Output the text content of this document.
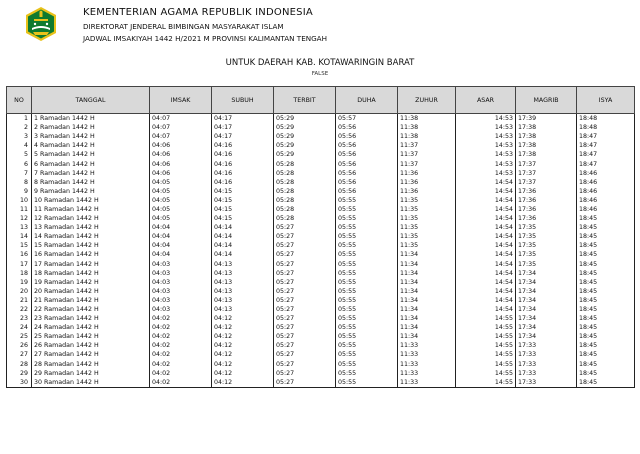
KEMENTERIAN AGAMA REPUBLIK INDONESIA
DIREKTORAT JENDERAL BIMBINGAN MASYARAKAT ISLAM
JADWAL IMSAKIYAH 1442 H/2021 M PROVINSI KALIMANTAN TENGAH
UNTUK DAERAH KAB. KOTAWARINGIN BARAT
FALSE
NO	TANGGAL	IMSAK	SUBUH	TERBIT	DUHA	ZUHUR	ASAR	MAGRIB	ISYA
1	1 Ramadan 1442 H	04:07	04:17	05:29	05:57	11:38	14:53	17:39	18:48
2	2 Ramadan 1442 H	04:07	04:17	05:29	05:56	11:38	14:53	17:38	18:48
3	3 Ramadan 1442 H	04:07	04:17	05:29	05:56	11:38	14:53	17:38	18:47
4	4 Ramadan 1442 H	04:06	04:16	05:29	05:56	11:37	14:53	17:38	18:47
5	5 Ramadan 1442 H	04:06	04:16	05:29	05:56	11:37	14:53	17:38	18:47
6	6 Ramadan 1442 H	04:06	04:16	05:28	05:56	11:37	14:53	17:37	18:47
7	7 Ramadan 1442 H	04:06	04:16	05:28	05:56	11:36	14:53	17:37	18:46
8	8 Ramadan 1442 H	04:05	04:16	05:28	05:56	11:36	14:54	17:37	18:46
9	9 Ramadan 1442 H	04:05	04:15	05:28	05:56	11:36	14:54	17:36	18:46
10	10 Ramadan 1442 H	04:05	04:15	05:28	05:55	11:35	14:54	17:36	18:46
11	11 Ramadan 1442 H	04:05	04:15	05:28	05:55	11:35	14:54	17:36	18:46
12	12 Ramadan 1442 H	04:05	04:15	05:28	05:55	11:35	14:54	17:36	18:45
13	13 Ramadan 1442 H	04:04	04:14	05:27	05:55	11:35	14:54	17:35	18:45
14	14 Ramadan 1442 H	04:04	04:14	05:27	05:55	11:35	14:54	17:35	18:45
15	15 Ramadan 1442 H	04:04	04:14	05:27	05:55	11:35	14:54	17:35	18:45
16	16 Ramadan 1442 H	04:04	04:14	05:27	05:55	11:34	14:54	17:35	18:45
17	17 Ramadan 1442 H	04:03	04:13	05:27	05:55	11:34	14:54	17:35	18:45
18	18 Ramadan 1442 H	04:03	04:13	05:27	05:55	11:34	14:54	17:34	18:45
19	19 Ramadan 1442 H	04:03	04:13	05:27	05:55	11:34	14:54	17:34	18:45
20	20 Ramadan 1442 H	04:03	04:13	05:27	05:55	11:34	14:54	17:34	18:45
21	21 Ramadan 1442 H	04:03	04:13	05:27	05:55	11:34	14:54	17:34	18:45
22	22 Ramadan 1442 H	04:03	04:13	05:27	05:55	11:34	14:54	17:34	18:45
23	23 Ramadan 1442 H	04:02	04:12	05:27	05:55	11:34	14:55	17:34	18:45
24	24 Ramadan 1442 H	04:02	04:12	05:27	05:55	11:34	14:55	17:34	18:45
25	25 Ramadan 1442 H	04:02	04:12	05:27	05:55	11:34	14:55	17:34	18:45
26	26 Ramadan 1442 H	04:02	04:12	05:27	05:55	11:33	14:55	17:33	18:45
27	27 Ramadan 1442 H	04:02	04:12	05:27	05:55	11:33	14:55	17:33	18:45
28	28 Ramadan 1442 H	04:02	04:12	05:27	05:55	11:33	14:55	17:33	18:45
29	29 Ramadan 1442 H	04:02	04:12	05:27	05:55	11:33	14:55	17:33	18:45
30	30 Ramadan 1442 H	04:02	04:12	05:27	05:55	11:33	14:55	17:33	18:45
